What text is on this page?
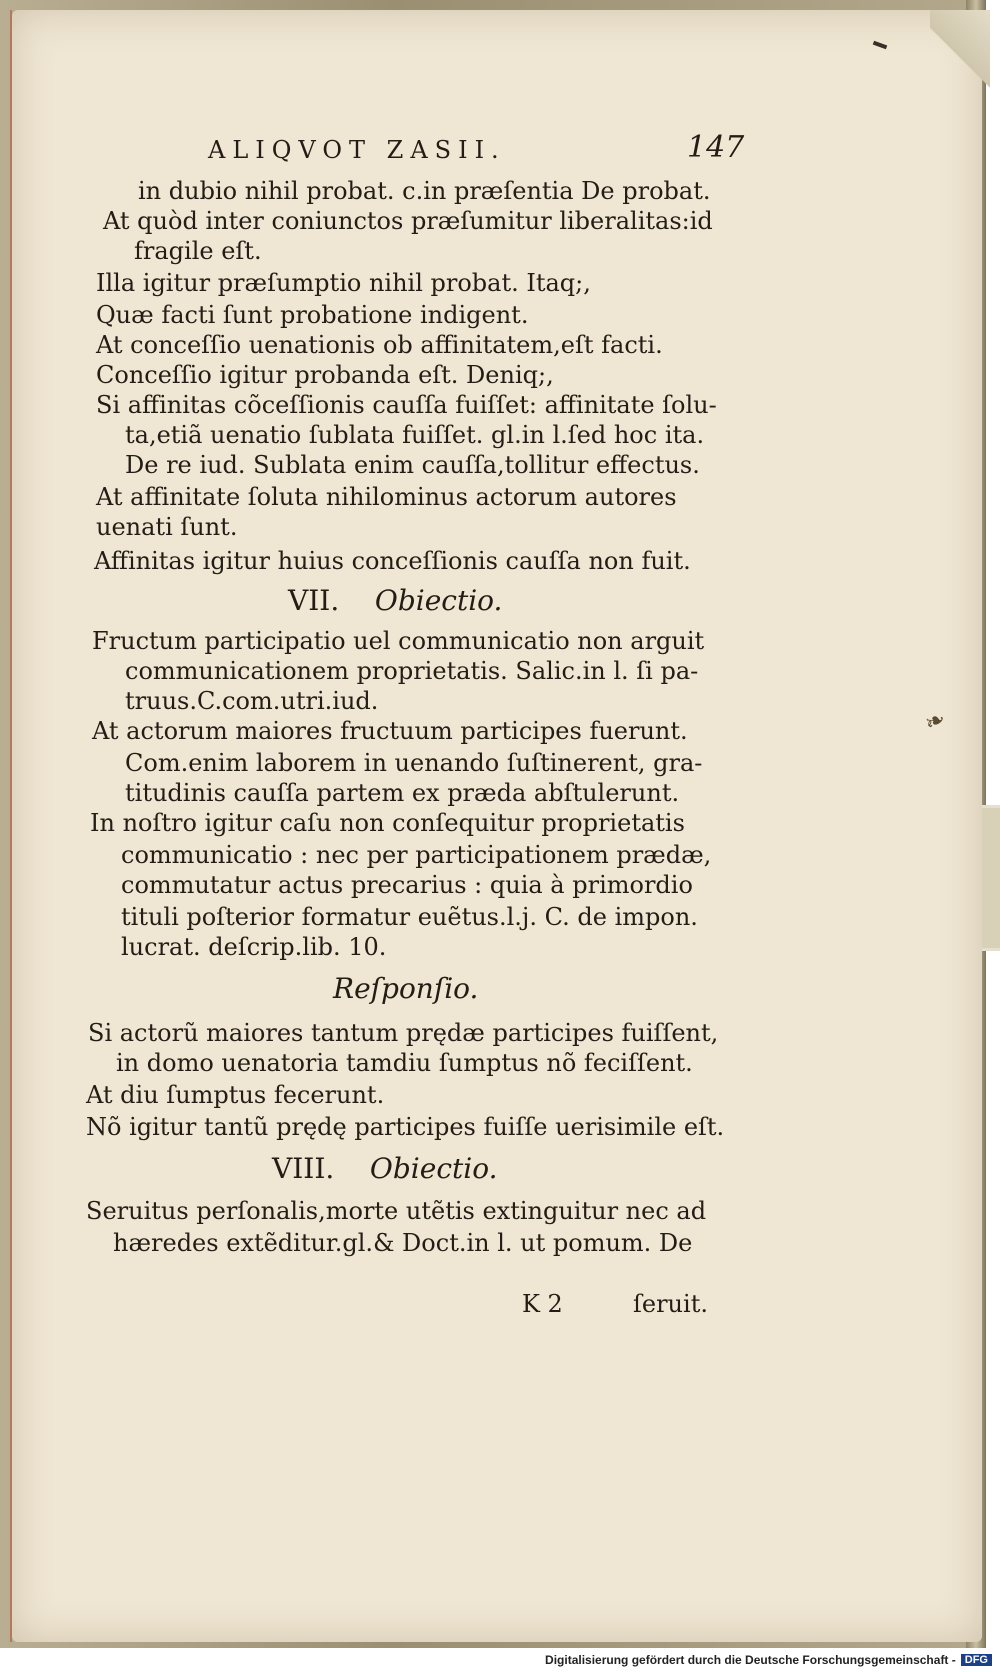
ALIQVOT ZASII.	147
in dubio nihil probat. c.in præſentia De probat.
At quòd inter coniunctos præſumitur liberalitas:id
fragile eſt.
Illa igitur præſumptio nihil probat. Itaq;,
Quæ facti ſunt probatione indigent.
At conceſſio uenationis ob affinitatem,eſt facti.
Conceſſio igitur probanda eſt. Deniq;,
Si affinitas cõceſſionis cauſſa fuiſſet: affinitate ſolu-
ta,etiã uenatio ſublata fuiſſet. gl.in l.ſed hoc ita.
De re iud. Sublata enim cauſſa,tollitur effectus.
At affinitate ſoluta nihilominus actorum autores
uenati ſunt.
Affinitas igitur huius conceſſionis cauſſa non fuit.
VII. Obiectio.
Fructum participatio uel communicatio non arguit
communicationem proprietatis. Salic.in l. ſi pa-
truus.C.com.utri.iud.
At actorum maiores fructuum participes fuerunt.
Com.enim laborem in uenando ſuſtinerent, gra-
titudinis cauſſa partem ex præda abſtulerunt.
In noſtro igitur caſu non conſequitur proprietatis
communicatio : nec per participationem prædæ,
commutatur actus precarius : quia à primordio
tituli poſterior formatur euẽtus.l.j. C. de impon.
lucrat. deſcrip.lib. 10.
Reſponſio.
Si actorũ maiores tantum prędæ participes fuiſſent,
in domo uenatoria tamdiu ſumptus nõ feciſſent.
At diu ſumptus fecerunt.
Nõ igitur tantũ prędę participes fuiſſe uerisimile eſt.
VIII. Obiectio.
Seruitus perſonalis,morte utẽtis extinguitur nec ad
hæredes extẽditur.gl.& Doct.in l. ut pomum. De
K 2	ſeruit.
❧
Digitalisierung gefördert durch die Deutsche Forschungsgemeinschaft - DFG
